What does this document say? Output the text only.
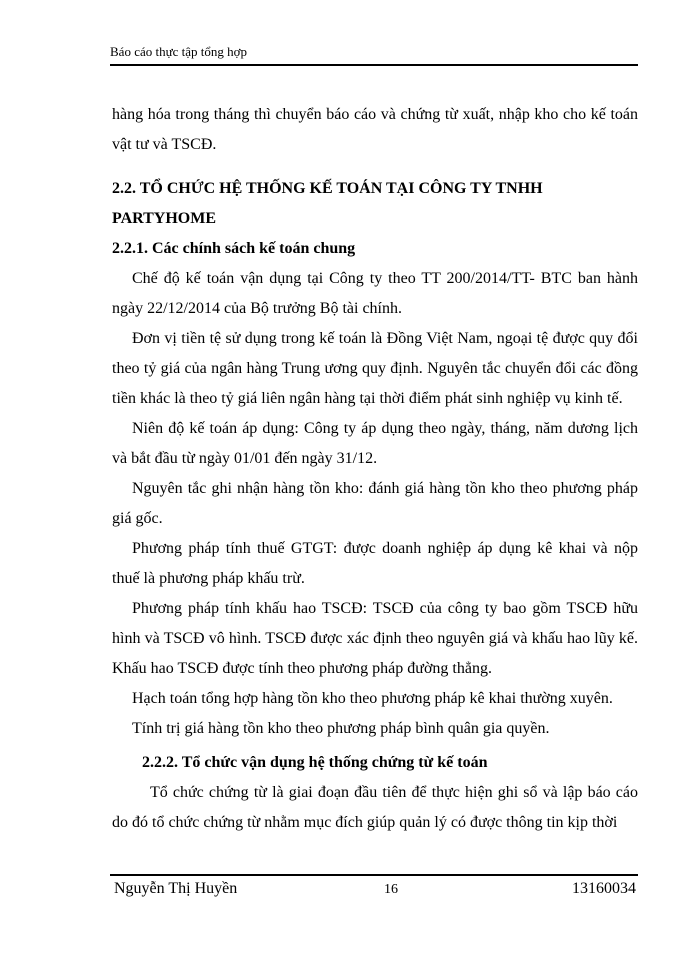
Báo cáo thực tập tổng hợp

hàng hóa trong tháng thì chuyển báo cáo và chứng từ xuất, nhập kho cho kế toán vật tư và TSCĐ.

2.2. TỔ CHỨC HỆ THỐNG KẾ TOÁN TẠI CÔNG TY TNHH PARTYHOME

2.2.1. Các chính sách kế toán chung

Chế độ kế toán vận dụng tại Công ty theo TT 200/2014/TT- BTC ban hành ngày 22/12/2014 của Bộ trưởng Bộ tài chính.

Đơn vị tiền tệ sử dụng trong kế toán là Đồng Việt Nam, ngoại tệ được quy đổi theo tỷ giá của ngân hàng Trung ương quy định. Nguyên tắc chuyển đổi các đồng tiền khác là theo tỷ giá liên ngân hàng tại thời điểm phát sinh nghiệp vụ kinh tế.

Niên độ kế toán áp dụng: Công ty áp dụng theo ngày, tháng, năm dương lịch và bắt đầu từ ngày 01/01 đến ngày 31/12.

Nguyên tắc ghi nhận hàng tồn kho: đánh giá hàng tồn kho theo phương pháp giá gốc.

Phương pháp tính thuế GTGT: được doanh nghiệp áp dụng kê khai và nộp thuế là phương pháp khấu trừ.

Phương pháp tính khấu hao TSCĐ: TSCĐ của công ty bao gồm TSCĐ hữu hình và TSCĐ vô hình. TSCĐ được xác định theo nguyên giá và khấu hao lũy kế. Khấu hao TSCĐ được tính theo phương pháp đường thẳng.

Hạch toán tổng hợp hàng tồn kho theo phương pháp kê khai thường xuyên.

Tính trị giá hàng tồn kho theo phương pháp bình quân gia quyền.

2.2.2. Tổ chức vận dụng hệ thống chứng từ kế toán

Tổ chức chứng từ là giai đoạn đầu tiên để thực hiện ghi sổ và lập báo cáo do đó tổ chức chứng từ nhằm mục đích giúp quản lý có được thông tin kịp thời

Nguyễn Thị Huyền	16	13160034
